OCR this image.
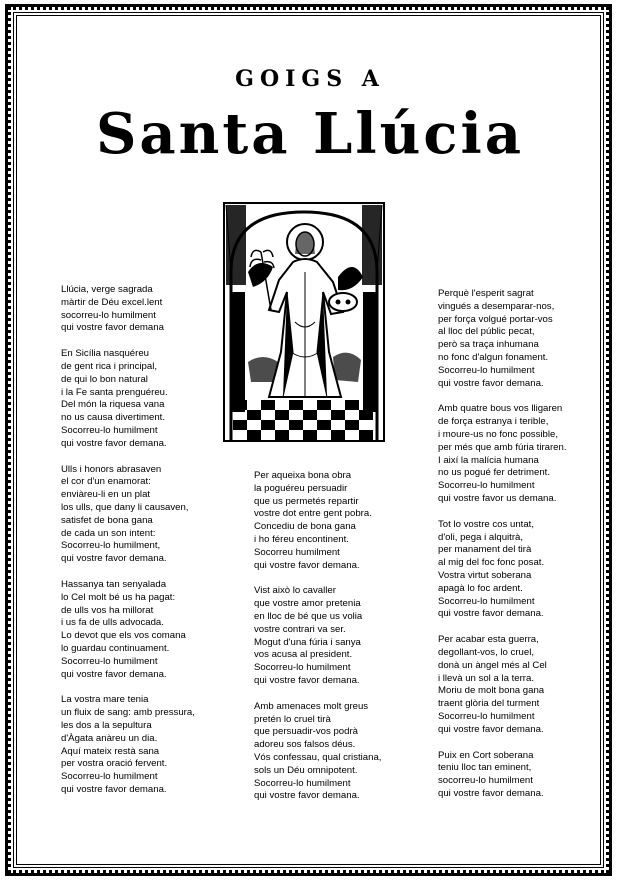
GOIGS A
Santa Llúcia
Llúcia, verge sagrada
màrtir de Déu excel.lent
socorreu-lo humilment
qui vostre favor demana
En Sicília nasquéreu
de gent rica i principal,
de qui lo bon natural
i la Fe santa prenguéreu.
Del món la riquesa vana
no us causa divertiment.
Socorreu-lo humilment
qui vostre favor demana.
Ulls i honors abrasaven
el cor d'un enamorat:
enviàreu-li en un plat
los ulls, que dany li causaven,
satisfet de bona gana
de cada un son intent:
Socorreu-lo humilment,
qui vostre favor demana.
Hassanya tan senyalada
lo Cel molt bé us ha pagat:
de ulls vos ha millorat
i us fa de ulls advocada.
Lo devot que els vos comana
lo guardau continuament.
Socorreu-lo humilment
qui vostre favor demana.
La vostra mare tenia
un fluix de sang: amb pressura,
les dos a la sepultura
d'Àgata anàreu un dia.
Aquí mateix restà sana
per vostra oració fervent.
Socorreu-lo humilment
qui vostre favor demana.
Per aqueixa bona obra
la poguéreu persuadir
que us permetés repartir
vostre dot entre gent pobra.
Concediu de bona gana
i ho féreu encontinent.
Socorreu humilment
qui vostre favor demana.
Vist això lo cavaller
que vostre amor pretenia
en lloc de bé que us volia
vostre contrari va ser.
Mogut d'una fúria i sanya
vos acusa al president.
Socorreu-lo humilment
qui vostre favor demana.
Amb amenaces molt greus
pretén lo cruel tirà
que persuadir-vos podrà
adoreu sos falsos déus.
Vós confessau, qual cristiana,
sols un Déu omnipotent.
Socorreu-lo humilment
qui vostre favor demana.
Perquè l'esperit sagrat
vingués a desemparar-nos,
per força volgué portar-vos
al lloc del públic pecat,
però sa traça inhumana
no fonc d'algun fonament.
Socorreu-lo humilment
qui vostre favor demana.
Amb quatre bous vos lligaren
de força estranya i terible,
i moure-us no fonc possible,
per més que amb fúria tiraren.
I així la malícia humana
no us pogué fer detriment.
Socorreu-lo humilment
qui vostre favor us demana.
Tot lo vostre cos untat,
d'oli, pega i alquitrà,
per manament del tirà
al mig del foc fonc posat.
Vostra virtut soberana
apagà lo foc ardent.
Socorreu-lo humilment
qui vostre favor demana.
Per acabar esta guerra,
degollant-vos, lo cruel,
donà un àngel més al Cel
i llevà un sol a la terra.
Moriu de molt bona gana
traent glòria del turment
Socorreu-lo humilment
qui vostre favor demana.
Puix en Cort soberana
teniu lloc tan eminent,
socorreu-lo humilment
qui vostre favor demana.
